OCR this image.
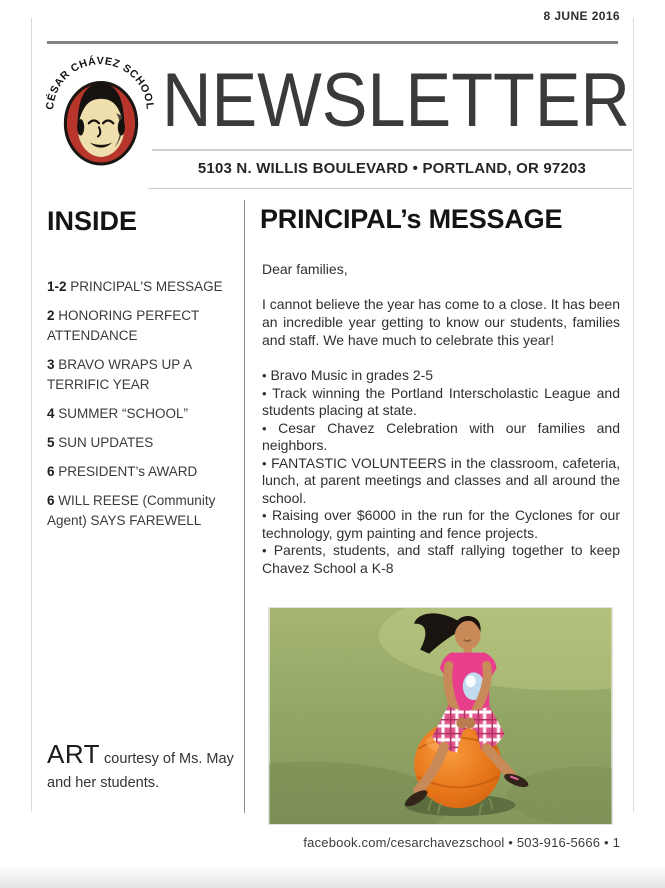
8 JUNE 2016
CÉSAR CHÁVEZ SCHOOL NEWSLETTER
5103 N. WILLIS BOULEVARD • PORTLAND, OR 97203
INSIDE

1-2 PRINCIPAL'S MESSAGE

2 HONORING PERFECT ATTENDANCE

3 BRAVO WRAPS UP A TERRIFIC YEAR

4 SUMMER “SCHOOL”

5 SUN UPDATES

6 PRESIDENT’s AWARD

6 WILL REESE (Community Agent) SAYS FAREWELL

ART courtesy of Ms. May and her students.

PRINCIPAL’s MESSAGE

Dear families,

I cannot believe the year has come to a close. It has been an incredible year getting to know our students, families and staff. We have much to celebrate this year!

• Bravo Music in grades 2-5

• Track winning the Portland Interscholastic League and students placing at state.

• Cesar Chavez Celebration with our families and neighbors.

• FANTASTIC VOLUNTEERS in the classroom, cafeteria, lunch, at parent meetings and classes and all around the school.

• Raising over $6000 in the run for the Cyclones for our technology, gym painting and fence projects.

• Parents, students, and staff rallying together to keep Chavez School a K-8

facebook.com/cesarchavezschool • 503-916-5666 • 1
